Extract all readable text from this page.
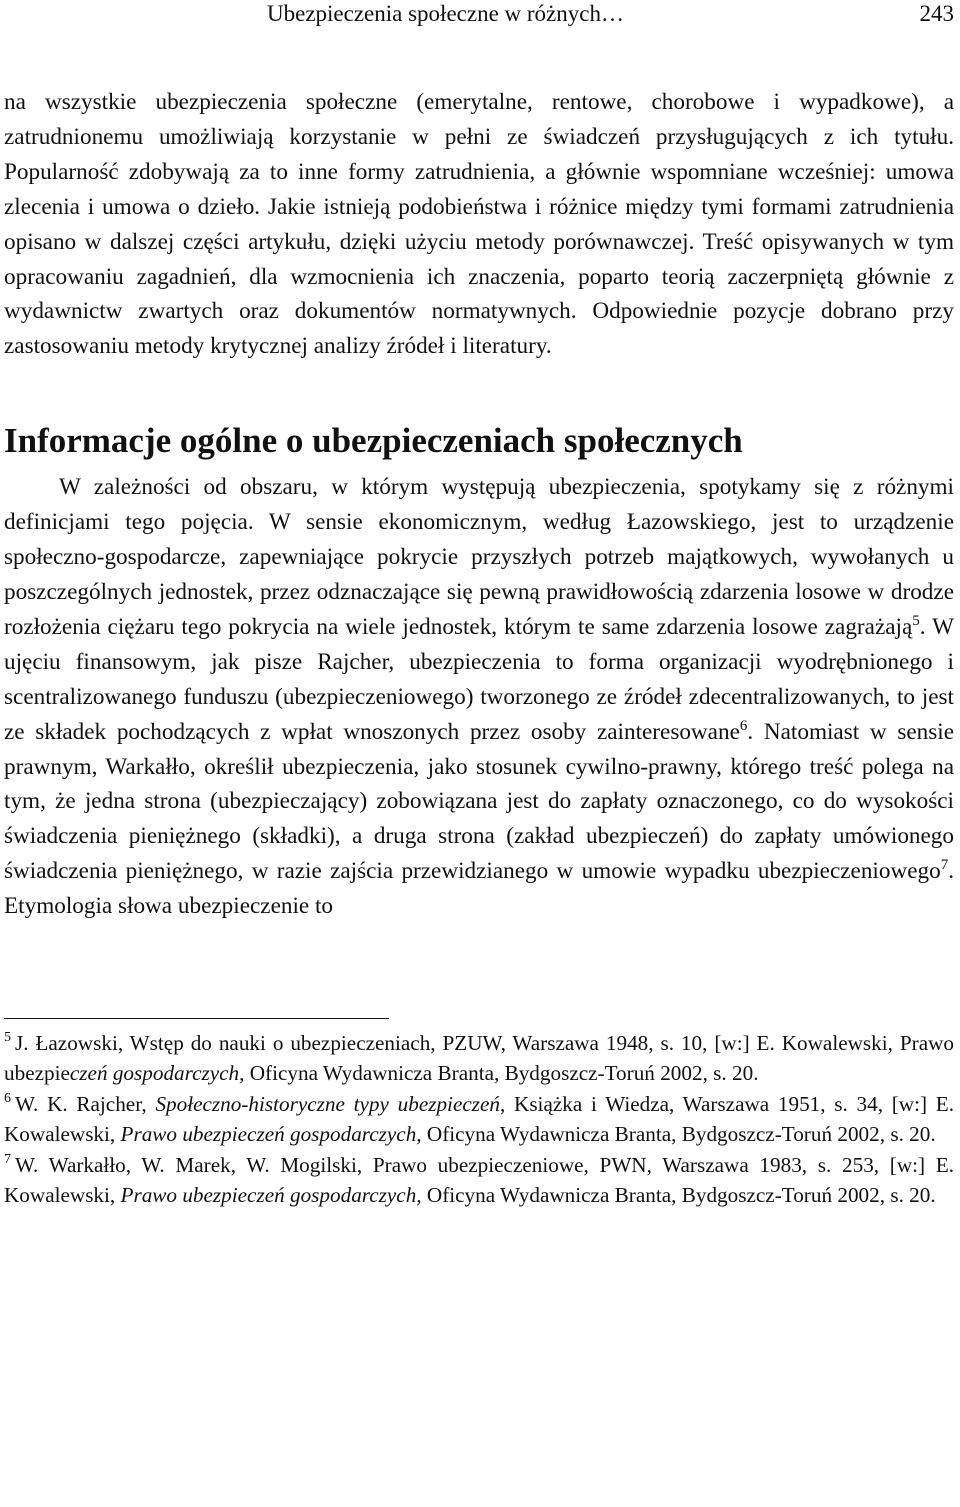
Ubezpieczenia społeczne w różnych…	243

na wszystkie ubezpieczenia społeczne (emerytalne, rentowe, chorobowe i wypadkowe), a zatrudnionemu umożliwiają korzystanie w pełni ze świadczeń przysługujących z ich tytułu. Popularność zdobywają za to inne formy zatrudnienia, a głównie wspomniane wcześniej: umowa zlecenia i umowa o dzieło. Jakie istnieją podobieństwa i różnice między tymi formami zatrudnienia opisano w dalszej części artykułu, dzięki użyciu metody porównawczej. Treść opisywanych w tym opracowaniu zagadnień, dla wzmocnienia ich znaczenia, poparto teorią zaczerpniętą głównie z wydawnictw zwartych oraz dokumentów normatywnych. Odpowiednie pozycje dobrano przy zastosowaniu metody krytycznej analizy źródeł i literatury.

Informacje ogólne o ubezpieczeniach społecznych

W zależności od obszaru, w którym występują ubezpieczenia, spotykamy się z różnymi definicjami tego pojęcia. W sensie ekonomicznym, według Łazowskiego, jest to urządzenie społeczno-gospodarcze, zapewniające pokrycie przyszłych potrzeb majątkowych, wywołanych u poszczególnych jednostek, przez odznaczające się pewną prawidłowością zdarzenia losowe w drodze rozłożenia ciężaru tego pokrycia na wiele jednostek, którym te same zdarzenia losowe zagrażają$^5$. W ujęciu finansowym, jak pisze Rajcher, ubezpieczenia to forma organizacji wyodrębnionego i scentralizowanego funduszu (ubezpieczeniowego) tworzonego ze źródeł zdecentralizowanych, to jest ze składek pochodzących z wpłat wnoszonych przez osoby zainteresowane$^6$. Natomiast w sensie prawnym, Warkałło, określił ubezpieczenia, jako stosunek cywilno-prawny, którego treść polega na tym, że jedna strona (ubezpieczający) zobowiązana jest do zapłaty oznaczonego, co do wysokości świadczenia pieniężnego (składki), a druga strona (zakład ubezpieczeń) do zapłaty umówionego świadczenia pieniężnego, w razie zajścia przewidzianego w umowie wypadku ubezpieczeniowego$^7$. Etymologia słowa ubezpieczenie to

$^5$ J. Łazowski, Wstęp do nauki o ubezpieczeniach, PZUW, Warszawa 1948, s. 10, [w:] E. Kowalewski, Prawo ubezpieczeń gospodarczych, Oficyna Wydawnicza Branta, Bydgoszcz-Toruń 2002, s. 20.

$^6$ W. K. Rajcher, Społeczno-historyczne typy ubezpieczeń, Książka i Wiedza, Warszawa 1951, s. 34, [w:] E. Kowalewski, Prawo ubezpieczeń gospodarczych, Oficyna Wydawnicza Branta, Bydgoszcz-Toruń 2002, s. 20.

$^7$ W. Warkałło, W. Marek, W. Mogilski, Prawo ubezpieczeniowe, PWN, Warszawa 1983, s. 253, [w:] E. Kowalewski, Prawo ubezpieczeń gospodarczych, Oficyna Wydawnicza Branta, Bydgoszcz-Toruń 2002, s. 20.
